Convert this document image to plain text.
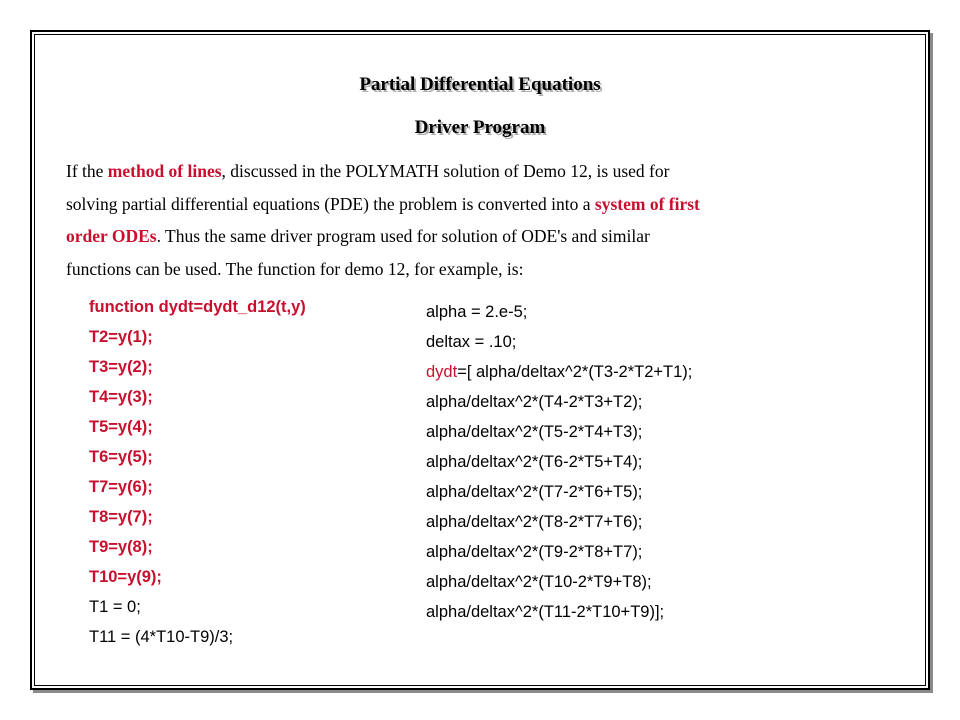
Partial Differential Equations
Driver Program
If the method of lines, discussed in the POLYMATH solution of Demo 12, is used for
solving partial differential equations (PDE) the problem is converted into a system of first
order ODEs. Thus the same driver program used for solution of ODE's and similar
functions can be used. The function for demo 12, for example, is:
function dydt=dydt_d12(t,y)
T2=y(1);
T3=y(2);
T4=y(3);
T5=y(4);
T6=y(5);
T7=y(6);
T8=y(7);
T9=y(8);
T10=y(9);
T1 = 0;
T11 = (4*T10-T9)/3;
alpha = 2.e-5;
deltax = .10;
dydt=[ alpha/deltax^2*(T3-2*T2+T1);
alpha/deltax^2*(T4-2*T3+T2);
alpha/deltax^2*(T5-2*T4+T3);
alpha/deltax^2*(T6-2*T5+T4);
alpha/deltax^2*(T7-2*T6+T5);
alpha/deltax^2*(T8-2*T7+T6);
alpha/deltax^2*(T9-2*T8+T7);
alpha/deltax^2*(T10-2*T9+T8);
alpha/deltax^2*(T11-2*T10+T9)];
